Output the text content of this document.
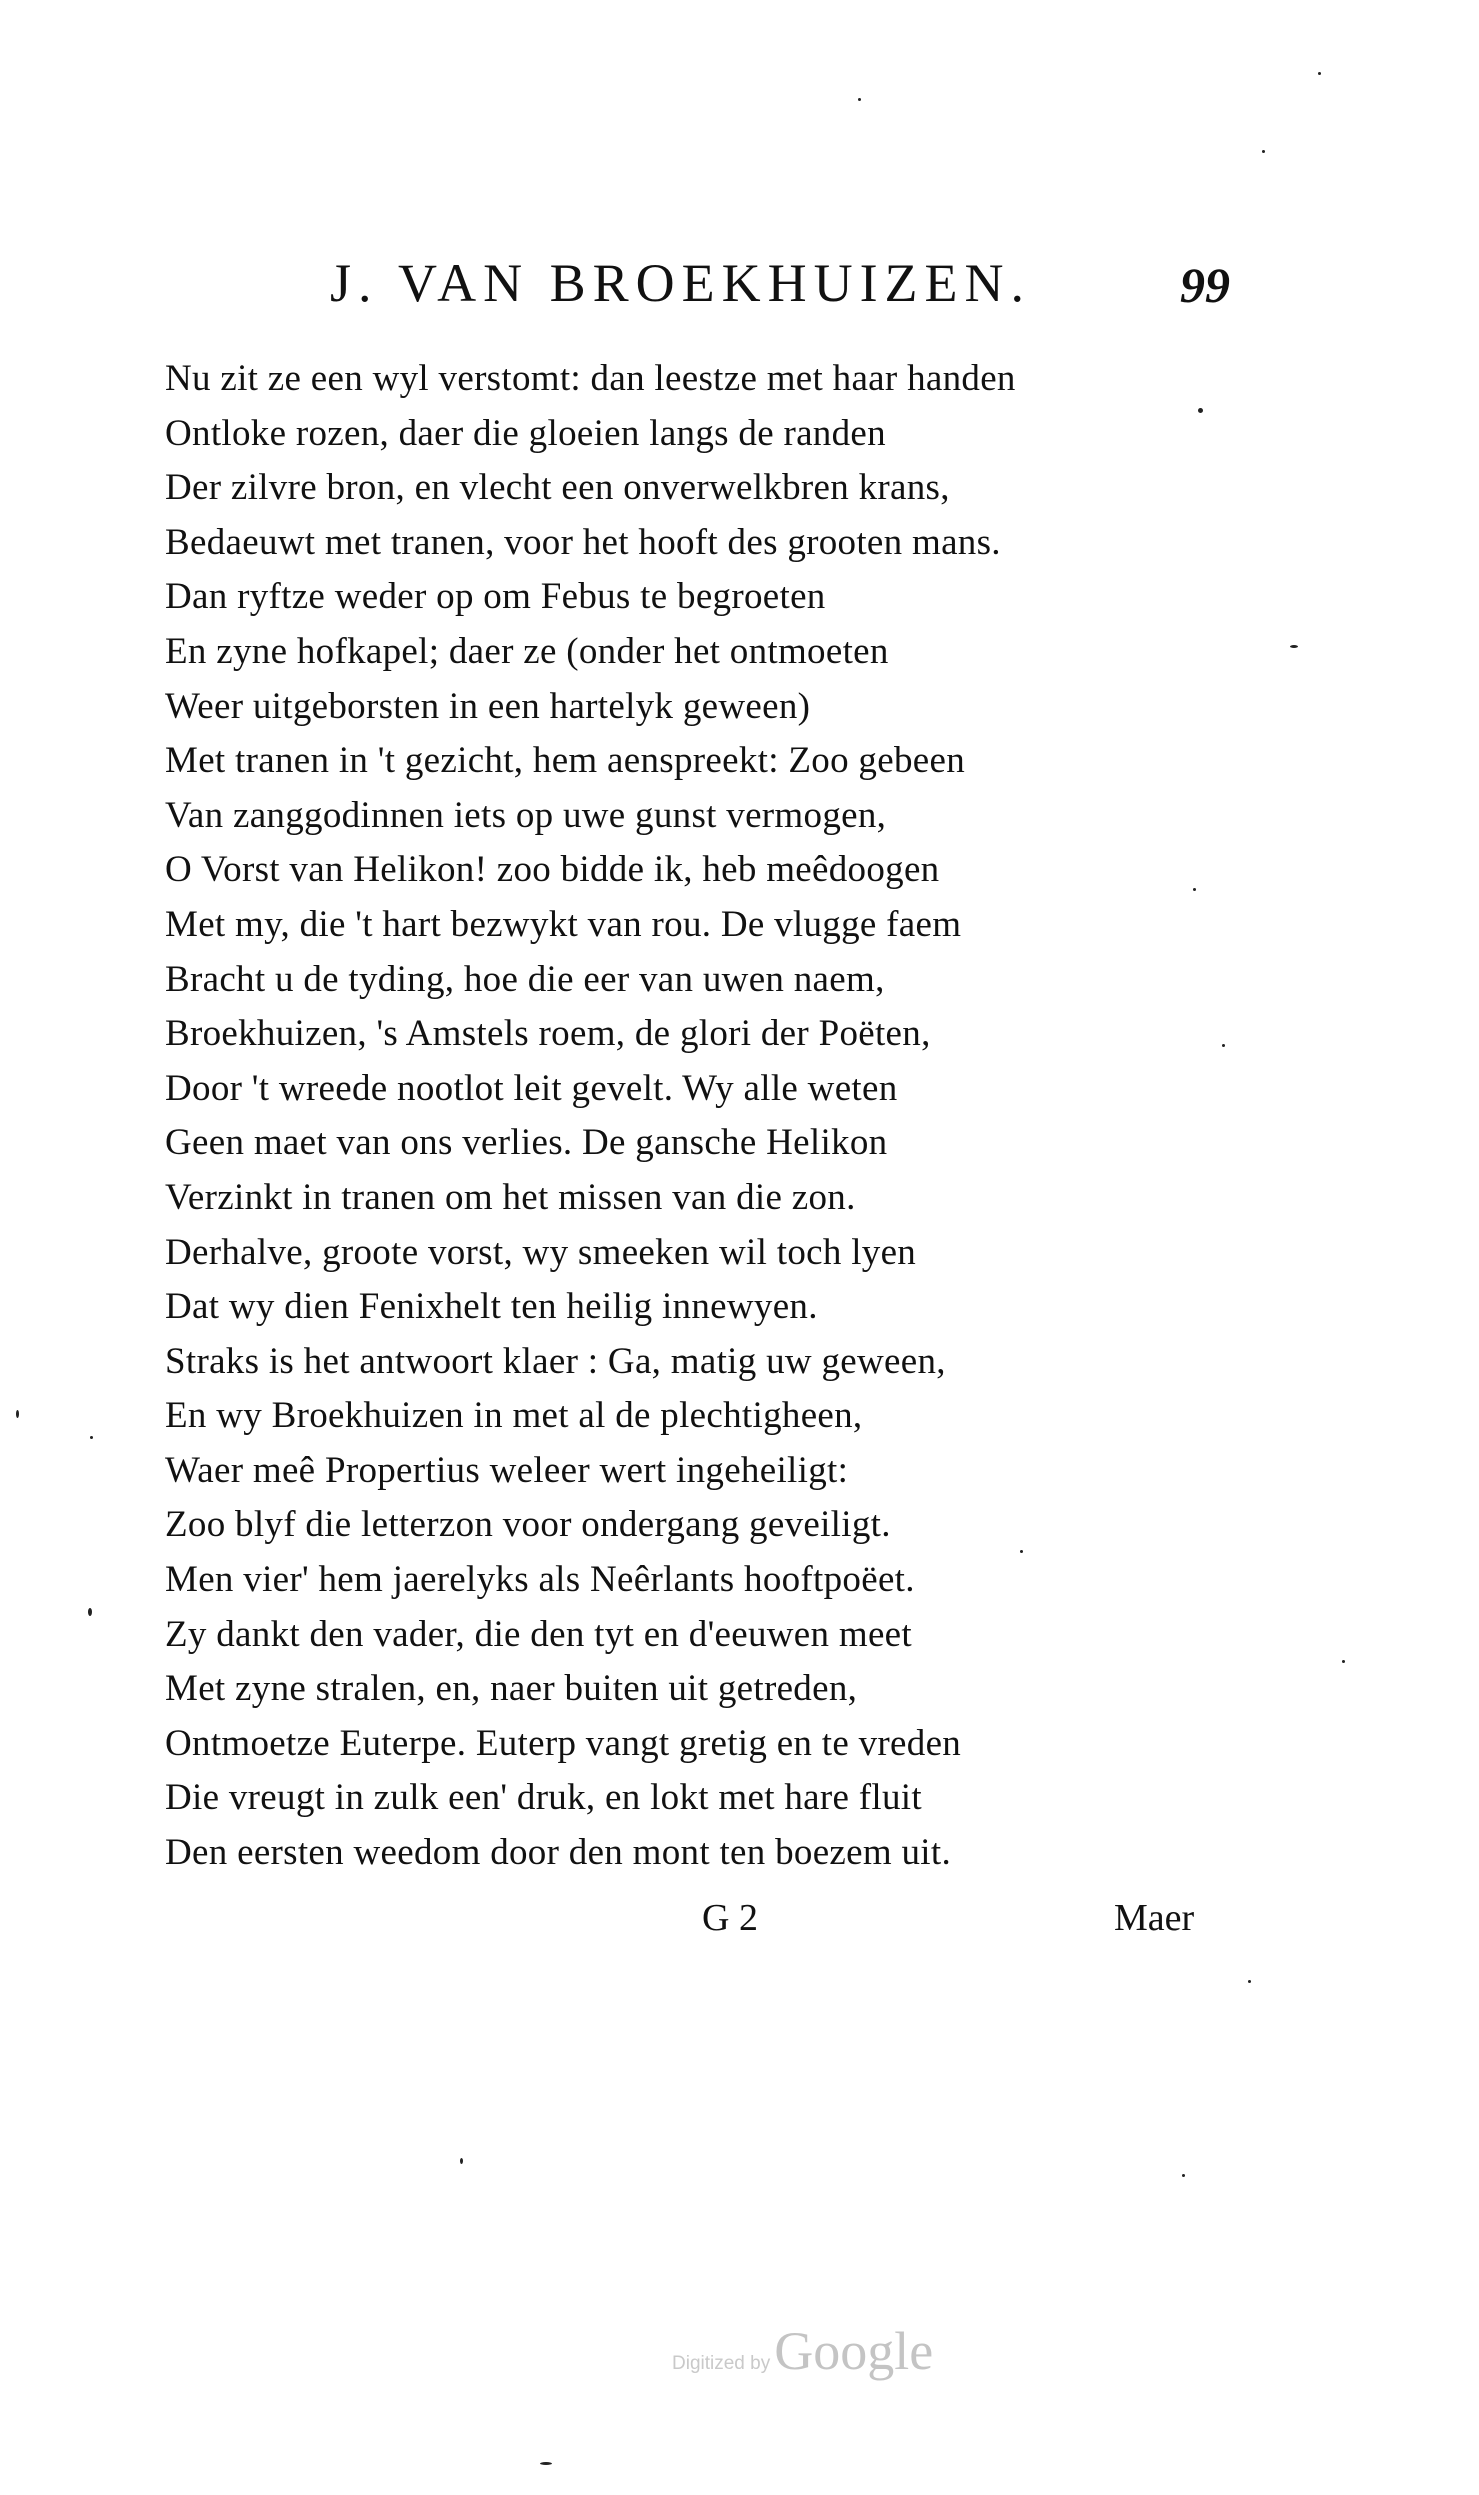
J. VAN BROEKHUIZEN.	99
Nu zit ze een wyl verstomt: dan leestze met haar handen
Ontloke rozen, daer die gloeien langs de randen
Der zilvre bron, en vlecht een onverwelkbren krans,
Bedaeuwt met tranen, voor het hooft des grooten mans.
Dan ryftze weder op om Febus te begroeten
En zyne hofkapel; daer ze (onder het ontmoeten
Weer uitgeborsten in een hartelyk geween)
Met tranen in 't gezicht, hem aenspreekt: Zoo gebeen
Van zanggodinnen iets op uwe gunst vermogen,
O Vorst van Helikon! zoo bidde ik, heb meêdoogen
Met my, die 't hart bezwykt van rou. De vlugge faem
Bracht u de tyding, hoe die eer van uwen naem,
Broekhuizen, 's Amstels roem, de glori der Poëten,
Door 't wreede nootlot leit gevelt. Wy alle weten
Geen maet van ons verlies. De gansche Helikon
Verzinkt in tranen om het missen van die zon.
Derhalve, groote vorst, wy smeeken wil toch lyen
Dat wy dien Fenixhelt ten heilig innewyen.
Straks is het antwoort klaer : Ga, matig uw geween,
En wy Broekhuizen in met al de plechtigheen,
Waer meê Propertius weleer wert ingeheiligt:
Zoo blyf die letterzon voor ondergang geveiligt.
Men vier' hem jaerelyks als Neêrlants hooftpoëet.
Zy dankt den vader, die den tyt en d'eeuwen meet
Met zyne stralen, en, naer buiten uit getreden,
Ontmoetze Euterpe. Euterp vangt gretig en te vreden
Die vreugt in zulk een' druk, en lokt met hare fluit
Den eersten weedom door den mont ten boezem uit.
G 2	Maer
Digitized byGoogle
